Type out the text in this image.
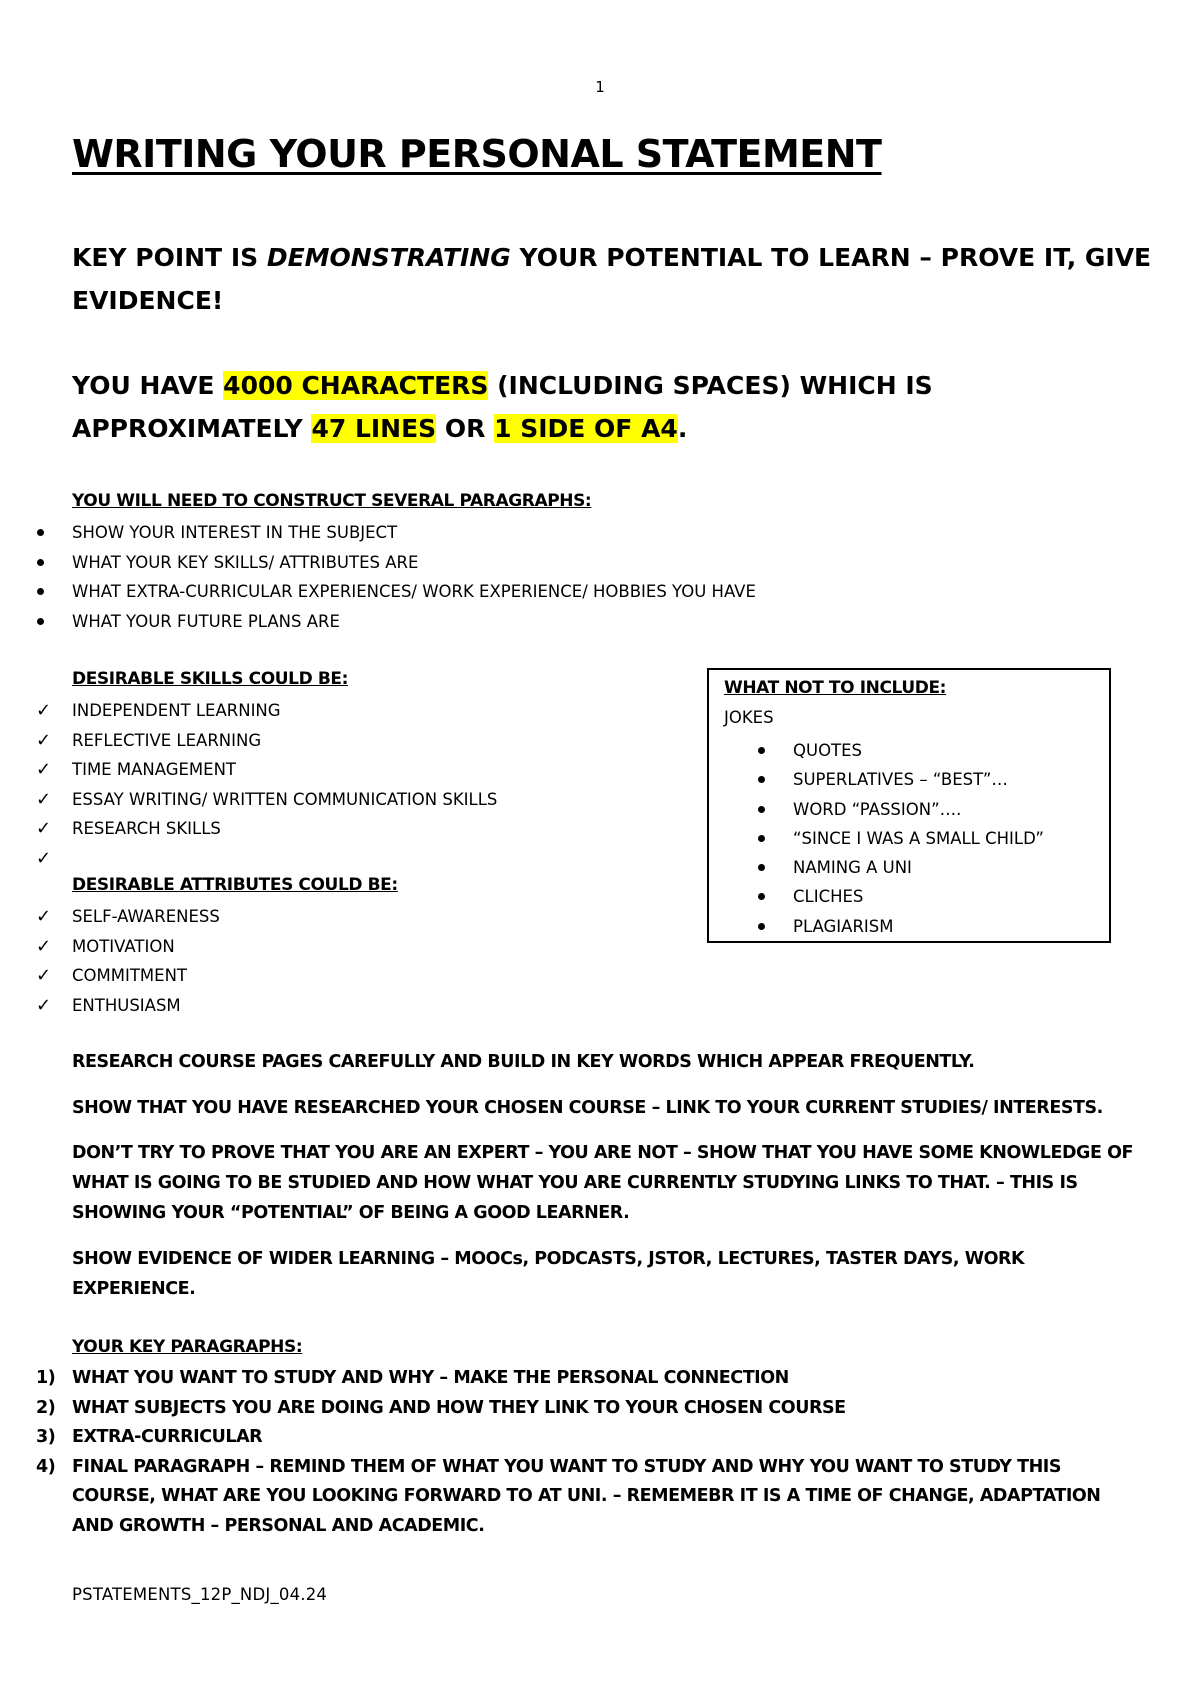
1
WRITING YOUR PERSONAL STATEMENT

KEY POINT IS DEMONSTRATING YOUR POTENTIAL TO LEARN – PROVE IT, GIVE EVIDENCE!

YOU HAVE 4000 CHARACTERS (INCLUDING SPACES) WHICH IS APPROXIMATELY 47 LINES OR 1 SIDE OF A4.

YOU WILL NEED TO CONSTRUCT SEVERAL PARAGRAPHS:
SHOW YOUR INTEREST IN THE SUBJECT
WHAT YOUR KEY SKILLS/ ATTRIBUTES ARE
WHAT EXTRA-CURRICULAR EXPERIENCES/ WORK EXPERIENCE/ HOBBIES YOU HAVE
WHAT YOUR FUTURE PLANS ARE
DESIRABLE SKILLS COULD BE:
✓ INDEPENDENT LEARNING
✓ REFLECTIVE LEARNING
✓ TIME MANAGEMENT
✓ ESSAY WRITING/ WRITTEN COMMUNICATION SKILLS
✓ RESEARCH SKILLS
✓
DESIRABLE ATTRIBUTES COULD BE:
✓ SELF-AWARENESS
✓ MOTIVATION
✓ COMMITMENT
✓ ENTHUSIASM
WHAT NOT TO INCLUDE:
JOKES
QUOTES
SUPERLATIVES – “BEST”…
WORD “PASSION”….
“SINCE I WAS A SMALL CHILD”
NAMING A UNI
CLICHES
PLAGIARISM

RESEARCH COURSE PAGES CAREFULLY AND BUILD IN KEY WORDS WHICH APPEAR FREQUENTLY.

SHOW THAT YOU HAVE RESEARCHED YOUR CHOSEN COURSE – LINK TO YOUR CURRENT STUDIES/ INTERESTS.

DON’T TRY TO PROVE THAT YOU ARE AN EXPERT – YOU ARE NOT – SHOW THAT YOU HAVE SOME KNOWLEDGE OF WHAT IS GOING TO BE STUDIED AND HOW WHAT YOU ARE CURRENTLY STUDYING LINKS TO THAT. – THIS IS SHOWING YOUR “POTENTIAL” OF BEING A GOOD LEARNER.

SHOW EVIDENCE OF WIDER LEARNING – MOOCs, PODCASTS, JSTOR, LECTURES, TASTER DAYS, WORK EXPERIENCE.

YOUR KEY PARAGRAPHS:
1) WHAT YOU WANT TO STUDY AND WHY – MAKE THE PERSONAL CONNECTION
2) WHAT SUBJECTS YOU ARE DOING AND HOW THEY LINK TO YOUR CHOSEN COURSE
3) EXTRA-CURRICULAR
4) FINAL PARAGRAPH – REMIND THEM OF WHAT YOU WANT TO STUDY AND WHY YOU WANT TO STUDY THIS COURSE, WHAT ARE YOU LOOKING FORWARD TO AT UNI. – REMEMEBR IT IS A TIME OF CHANGE, ADAPTATION AND GROWTH – PERSONAL AND ACADEMIC.
PSTATEMENTS_12P_NDJ_04.24
